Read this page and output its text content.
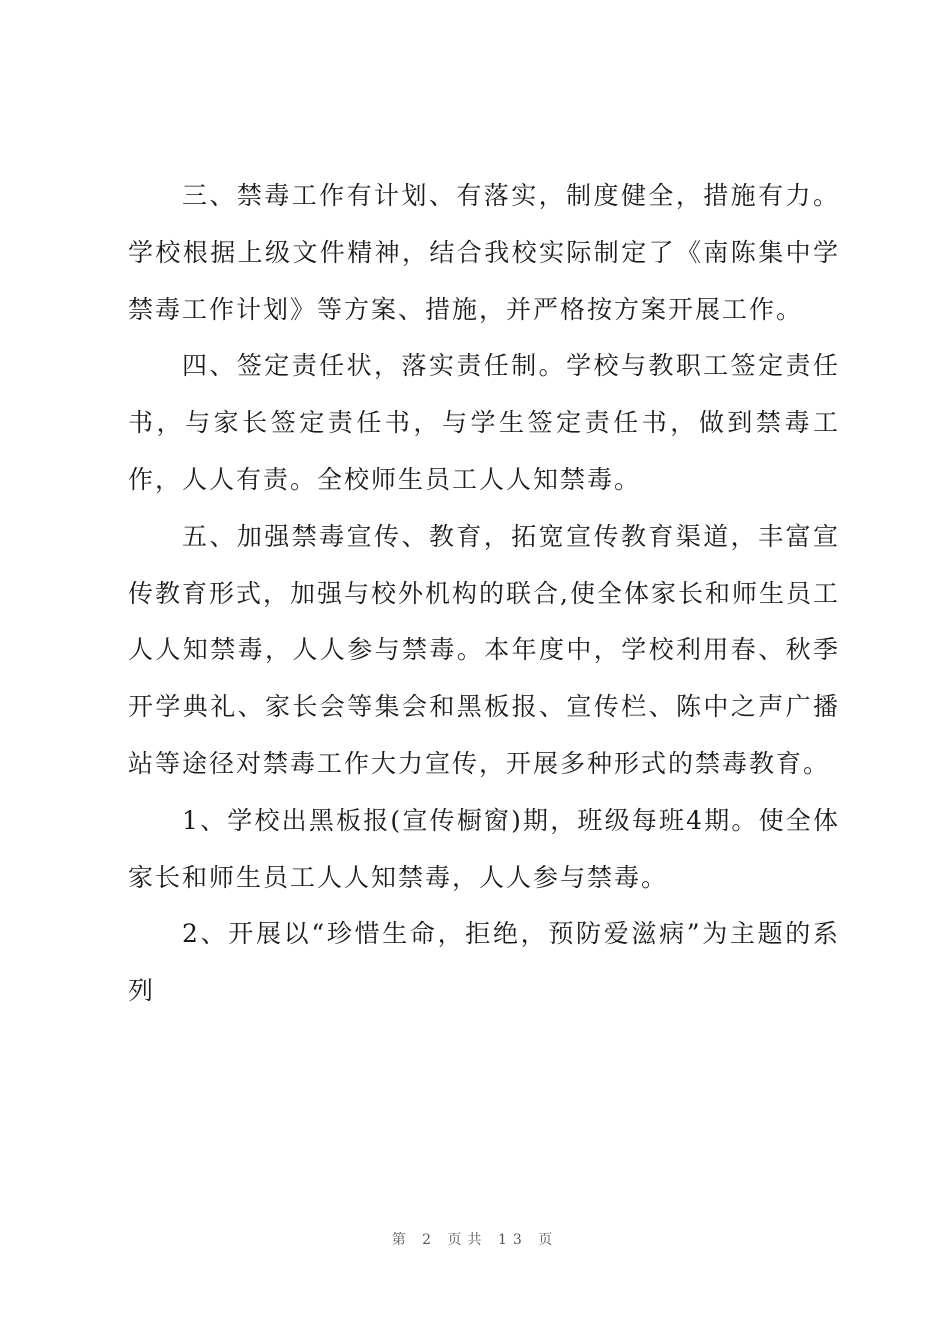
三、禁毒工作有计划、有落实，制度健全，措施有力。学校根据上级文件精神，结合我校实际制定了《南陈集中学禁毒工作计划》等方案、措施，并严格按方案开展工作。

四、签定责任状，落实责任制。学校与教职工签定责任书，与家长签定责任书，与学生签定责任书，做到禁毒工作，人人有责。全校师生员工人人知禁毒。

五、加强禁毒宣传、教育，拓宽宣传教育渠道，丰富宣传教育形式，加强与校外机构的联合,使全体家长和师生员工人人知禁毒，人人参与禁毒。本年度中，学校利用春、秋季开学典礼、家长会等集会和黑板报、宣传栏、陈中之声广播站等途径对禁毒工作大力宣传，开展多种形式的禁毒教育。

1、学校出黑板报(宣传橱窗)期，班级每班4期。使全体家长和师生员工人人知禁毒，人人参与禁毒。

2、开展以“珍惜生命，拒绝，预防爱滋病”为主题的系列

第 2 页共 13 页
